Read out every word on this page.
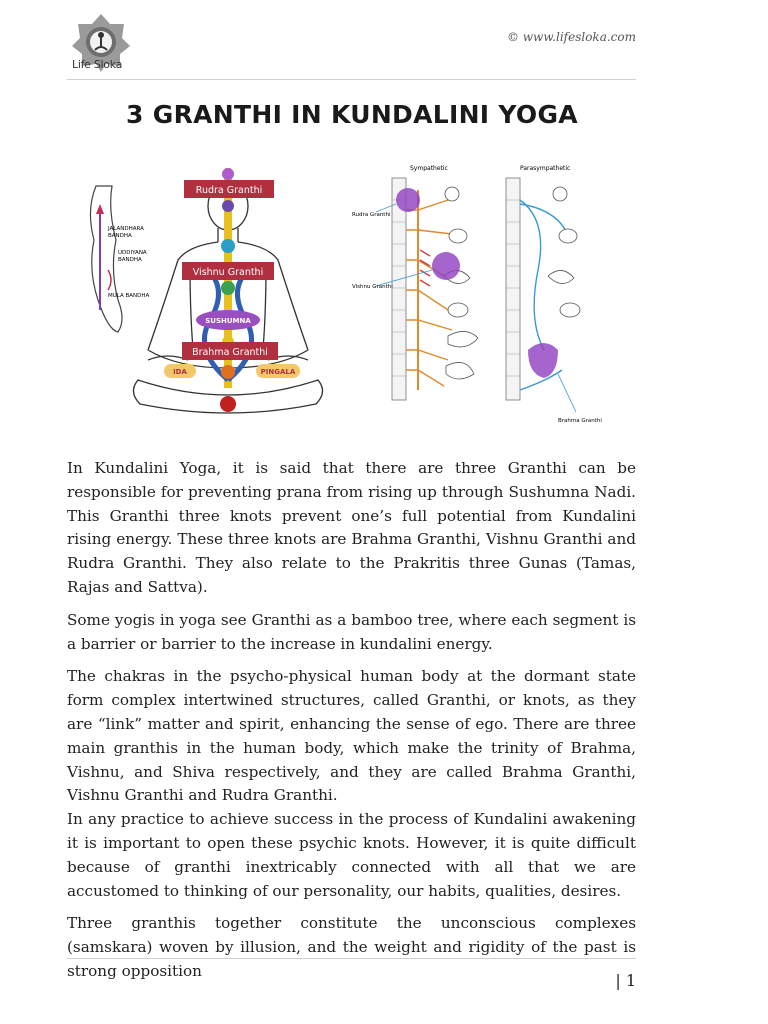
Life Sloka
© www.lifesloka.com
3 GRANTHI IN KUNDALINI YOGA
JALANDHARA
BANDHA
UDDIYANA
BANDHA
MULA BANDHA
SUSHUMNA
Rudra Granthi
Vishnu Granthi
Brahma Granthi
IDA	PINGALA
Sympathetic	Parasympathetic
Rudra Granthi
Vishnu Granthi
Brahma Granthi

In Kundalini Yoga, it is said that there are three Granthi can be responsible for preventing prana from rising up through Sushumna Nadi. This Granthi three knots prevent one’s full potential from Kundalini rising energy. These three knots are Brahma Granthi, Vishnu Granthi and Rudra Granthi. They also relate to the Prakritis three Gunas (Tamas, Rajas and Sattva).

Some yogis in yoga see Granthi as a bamboo tree, where each segment is a barrier or barrier to the increase in kundalini energy.

The chakras in the psycho-physical human body at the dormant state form complex intertwined structures, called Granthi, or knots, as they are “link” matter and spirit, enhancing the sense of ego. There are three main granthis in the human body, which make the trinity of Brahma, Vishnu, and Shiva respectively, and they are called Brahma Granthi, Vishnu Granthi and Rudra Granthi.

In any practice to achieve success in the process of Kundalini awakening it is important to open these psychic knots. However, it is quite difficult because of granthi inextricably connected with all that we are accustomed to thinking of our personality, our habits, qualities, desires.

Three granthis together constitute the unconscious complexes (samskara) woven by illusion, and the weight and rigidity of the past is strong opposition

| 1
